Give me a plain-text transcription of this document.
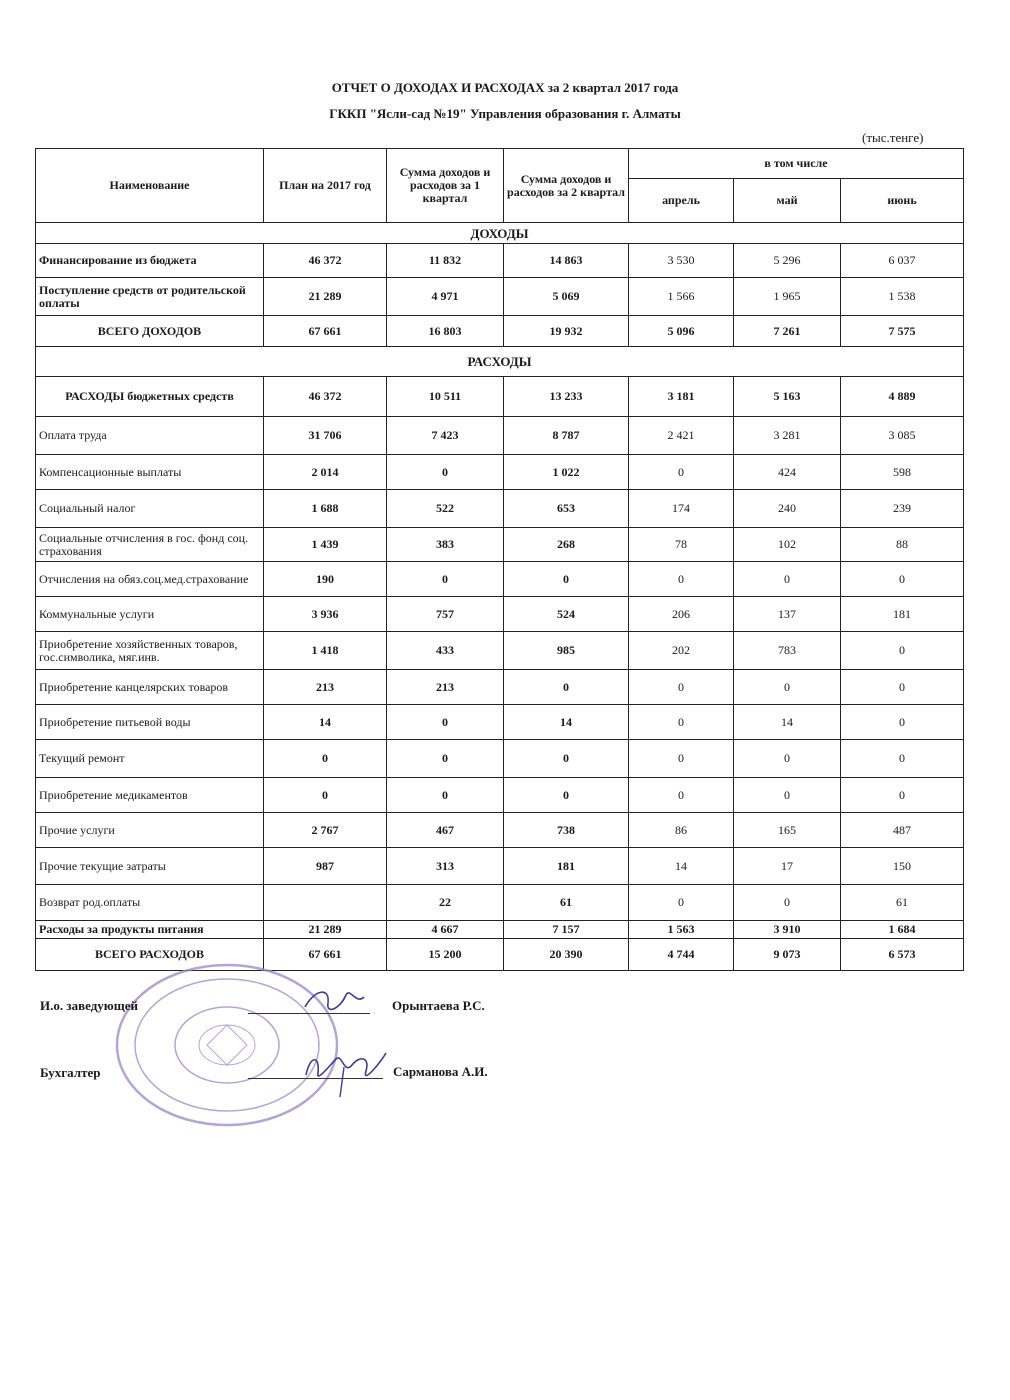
ОТЧЕТ О ДОХОДАХ И РАСХОДАХ за 2 квартал 2017 года
ГККП "Ясли-сад №19" Управления образования г. Алматы
(тыс.тенге)
Наименование	План на 2017 год	Сумма доходов и расходов за 1 квартал	Сумма доходов и расходов за 2 квартал	в том числе		
				апрель	май	июнь
ДОХОДЫ						
Финансирование из бюджета	46 372	11 832	14 863	3 530	5 296	6 037
Поступление средств от родительской оплаты	21 289	4 971	5 069	1 566	1 965	1 538
ВСЕГО ДОХОДОВ	67 661	16 803	19 932	5 096	7 261	7 575
РАСХОДЫ						
РАСХОДЫ бюджетных средств	46 372	10 511	13 233	3 181	5 163	4 889
Оплата труда	31 706	7 423	8 787	2 421	3 281	3 085
Компенсационные выплаты	2 014	0	1 022	0	424	598
Социальный налог	1 688	522	653	174	240	239
Социальные отчисления в гос. фонд соц. страхования	1 439	383	268	78	102	88
Отчисления на обяз.соц.мед.страхование	190	0	0	0	0	0
Коммунальные услуги	3 936	757	524	206	137	181
Приобретение хозяйственных товаров, гос.символика, мяг.инв.	1 418	433	985	202	783	0
Приобретение канцелярских товаров	213	213	0	0	0	0
Приобретение питьевой воды	14	0	14	0	14	0
Текущий ремонт	0	0	0	0	0	0
Приобретение медикаментов	0	0	0	0	0	0
Прочие услуги	2 767	467	738	86	165	487
Прочие текущие затраты	987	313	181	14	17	150
Возврат род.оплаты		22	61	0	0	61
Расходы за продукты питания	21 289	4 667	7 157	1 563	3 910	1 684
ВСЕГО РАСХОДОВ	67 661	15 200	20 390	4 744	9 073	6 573
И.о. заведующей	Орынтаева Р.С.
Бухгалтер	Сарманова А.И.
